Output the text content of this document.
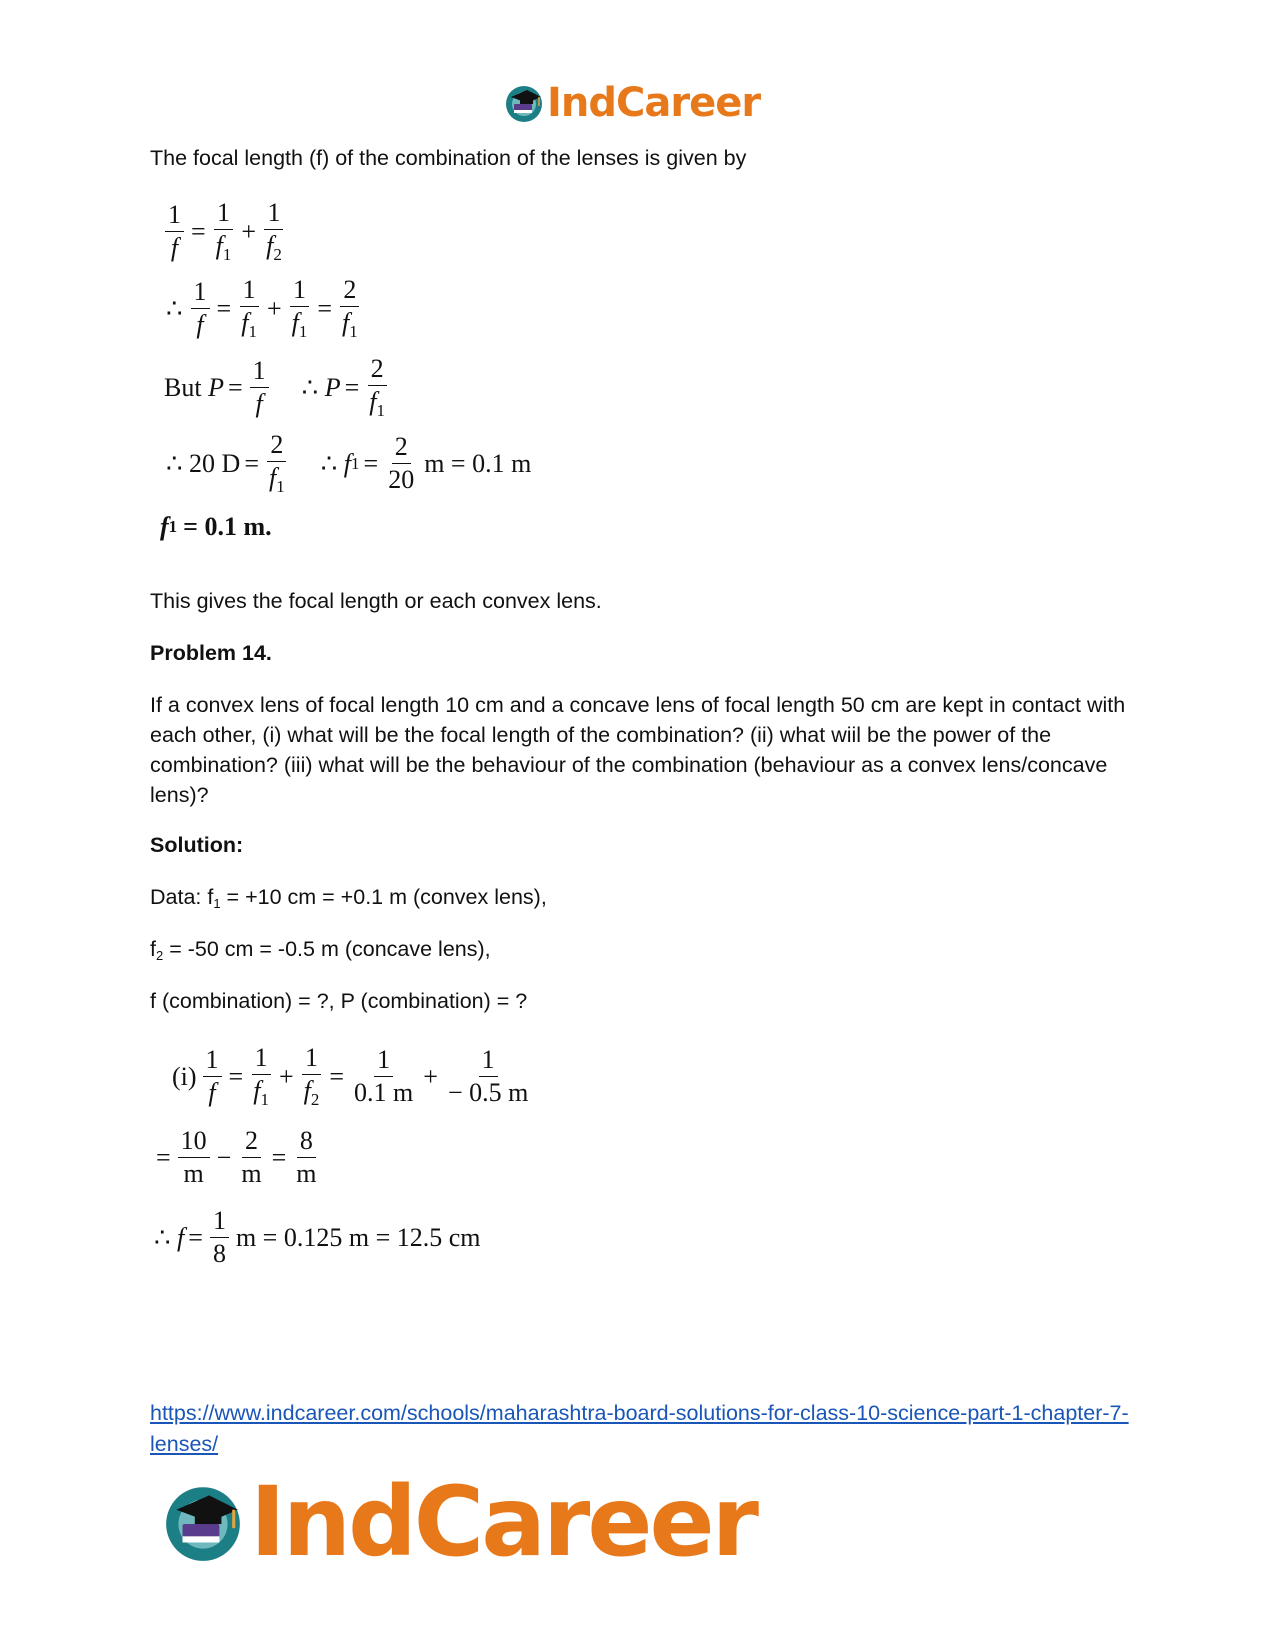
IndCareer
The focal length (f) of the combination of the lenses is given by
$\frac{1}{f} = \frac{1}{f_1} + \frac{1}{f_2}$
∴ $\frac{1}{f} = \frac{1}{f_1} + \frac{1}{f_1} = \frac{2}{f_1}$
But
$P = \frac{1}{f}$ ∴
$P = \frac{2}{f_1}$
∴
20 $D = \frac{2}{f_1}$ ∴
f $1 = \frac{2}{20}$ m = 0.1 m
f 1 = 0.1 m.
This gives the focal length or each convex lens.
Problem 14.
If a convex lens of focal length 10 cm and a concave lens of focal length 50 cm are kept in contact with each other, (i) what will be the focal length of the combination? (ii) what wiil be the power of the combination? (iii) what will be the behaviour of the combination (behaviour as a convex lens/concave lens)?
Solution:
Data: $f_1 = +10$ cm = +0.1 m (convex lens),
$f_2 = -50$ cm = -0.5 m (concave lens),
f (combination) = ?, P (combination) = ?
$(i) \frac{1}{f} = \frac{1}{f_1} + \frac{1}{f_2} = \frac{1}{0.1 m} + \frac{1}{- 0.5 m}$
= $\frac{10}{m} - \frac{2}{m} = \frac{8}{m}$
∴
$f = \frac{1}{8}$ m = 0.125 m = 12.5 cm
https://www.indcareer.com/schools/maharashtra-board-solutions-for-class-10-science-part-1-chapter-7-lenses/
IndCareer
